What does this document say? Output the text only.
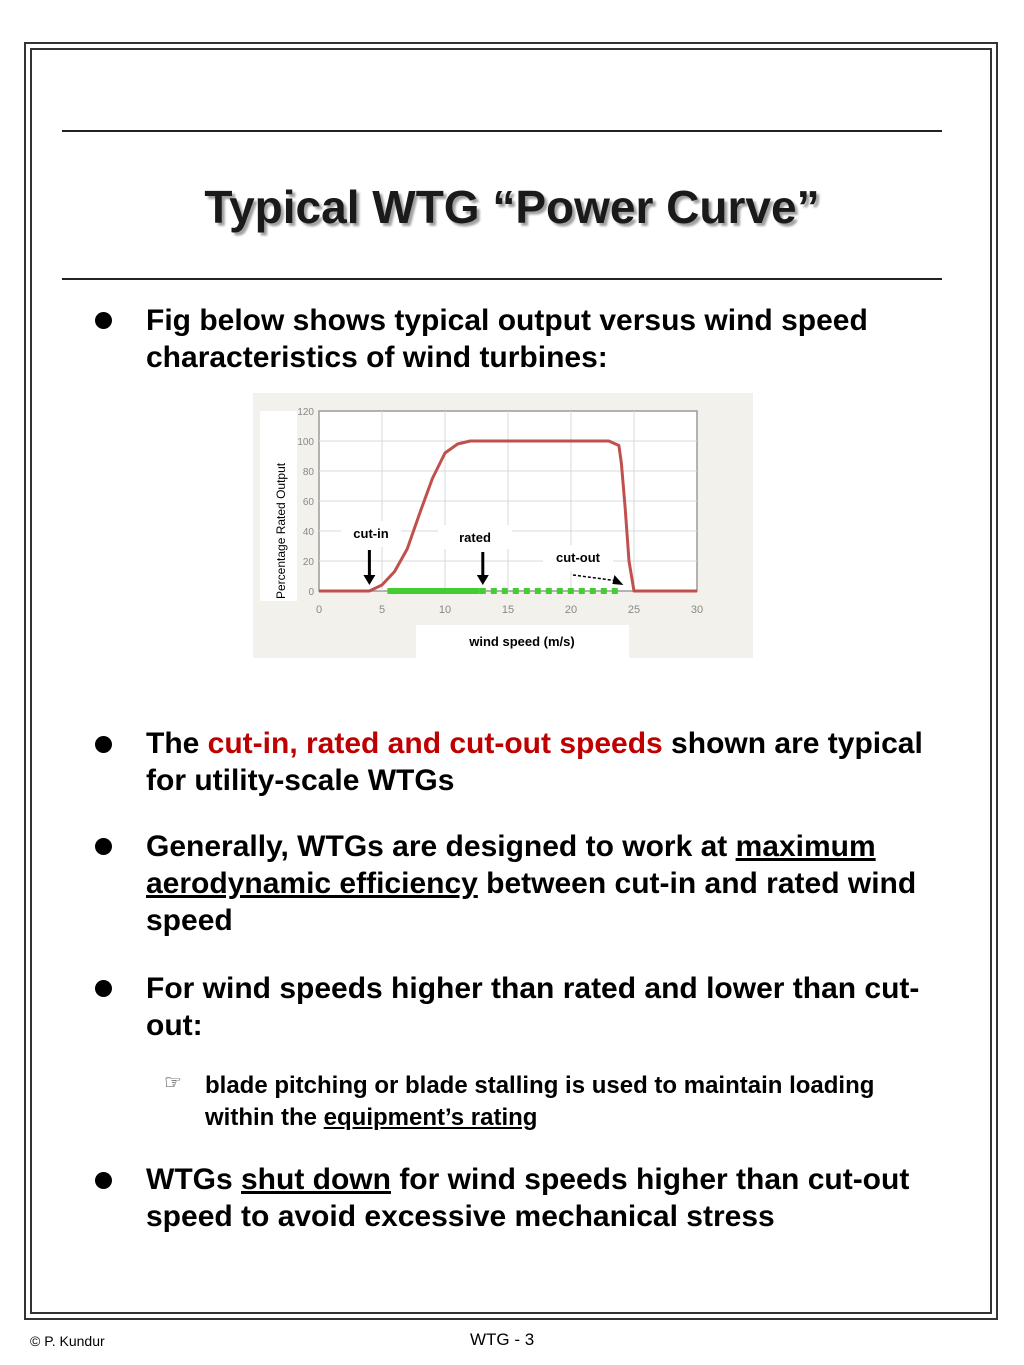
Typical WTG “Power Curve”
Fig below shows typical output versus wind speed characteristics of wind turbines:
0	5	10	15	20	25	30
0
20
40
60
80
100
120
cut-in	rated
cut-out
Percentage Rated Output
wind speed (m/s)
The cut-in, rated and cut-out speeds shown are typical for utility-scale WTGs
Generally, WTGs are designed to work at maximum aerodynamic efficiency between cut-in and rated wind speed
For wind speeds higher than rated and lower than cut-out:
☞ blade pitching or blade stalling is used to maintain loading within the equipment’s rating
WTGs shut down for wind speeds higher than cut-out speed to avoid excessive mechanical stress
© P. Kundur	WTG - 3
